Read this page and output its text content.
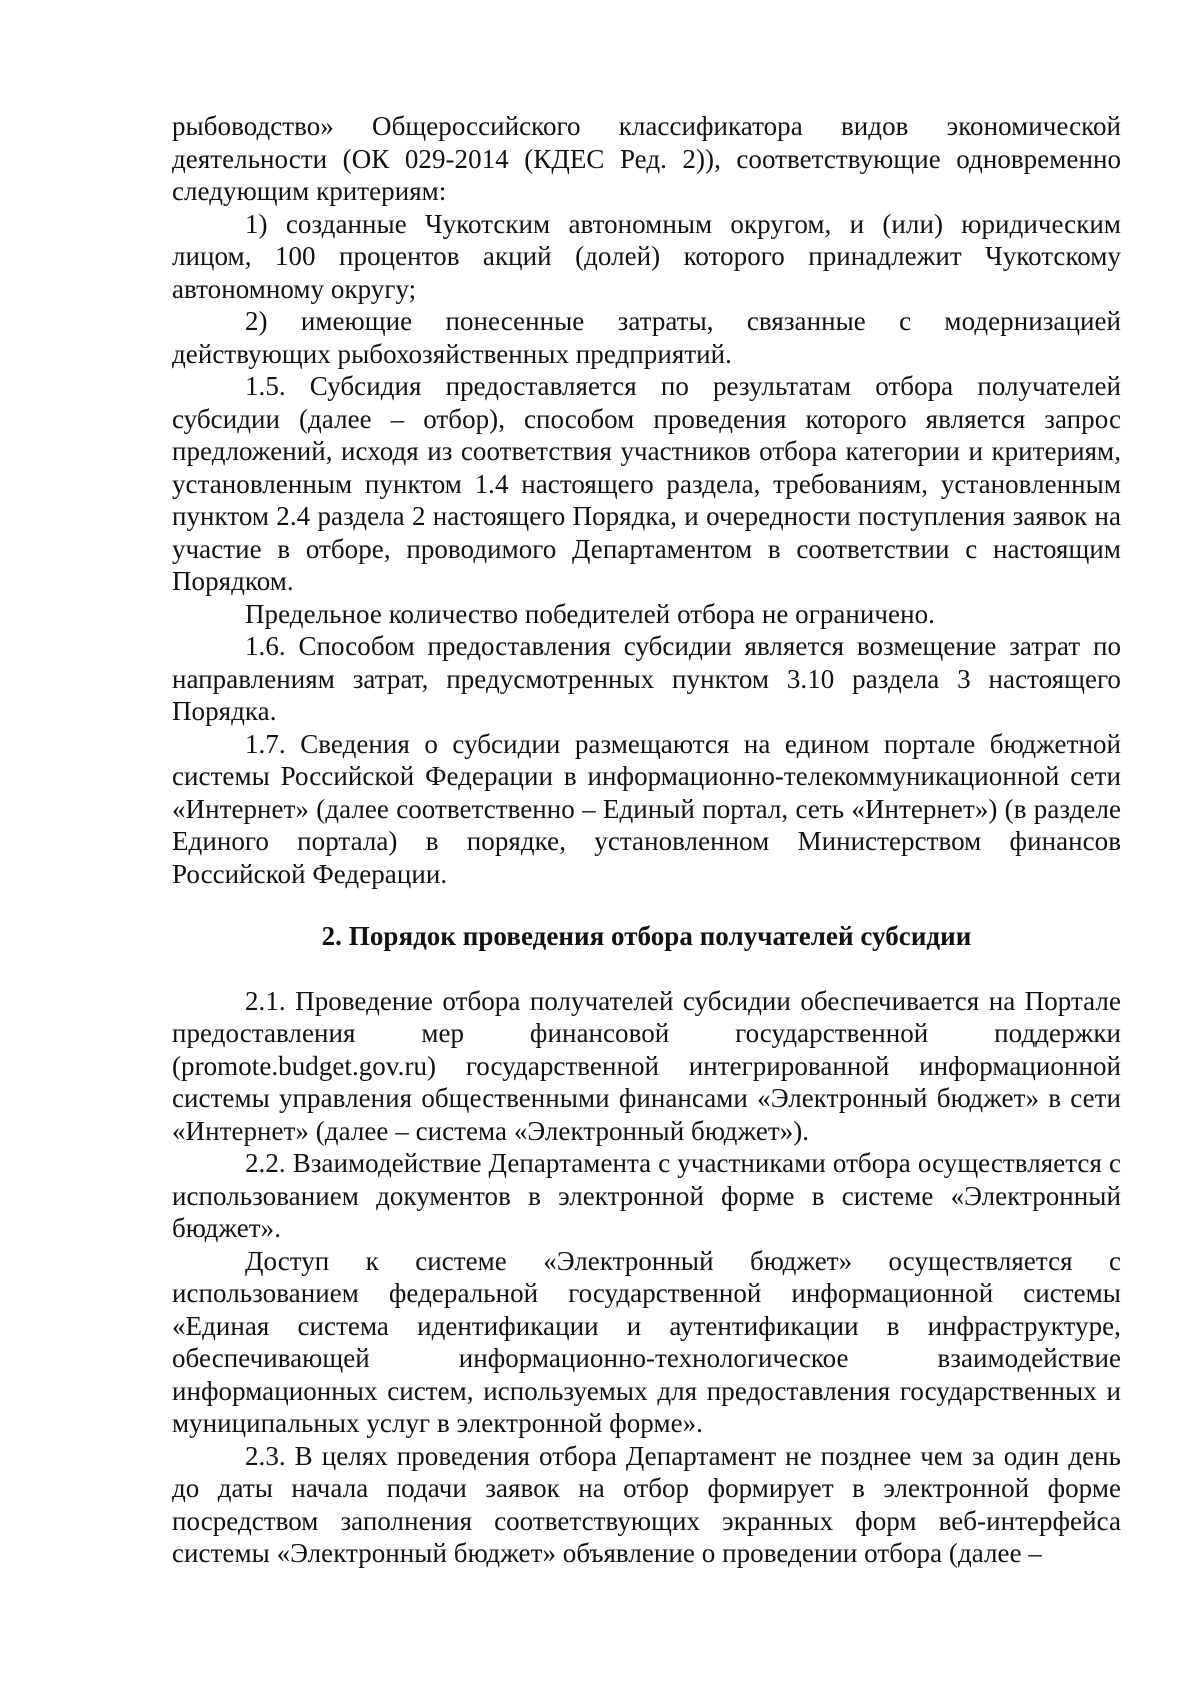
рыбоводство» Общероссийского классификатора видов экономической деятельности (ОК 029-2014 (КДЕС Ред. 2)), соответствующие одновременно следующим критериям:

1) созданные Чукотским автономным округом, и (или) юридическим лицом, 100 процентов акций (долей) которого принадлежит Чукотскому автономному округу;

2) имеющие понесенные затраты, связанные с модернизацией действующих рыбохозяйственных предприятий.

1.5. Субсидия предоставляется по результатам отбора получателей субсидии (далее – отбор), способом проведения которого является запрос предложений, исходя из соответствия участников отбора категории и критериям, установленным пунктом 1.4 настоящего раздела, требованиям, установленным пунктом 2.4 раздела 2 настоящего Порядка, и очередности поступления заявок на участие в отборе, проводимого Департаментом в соответствии с настоящим Порядком.

Предельное количество победителей отбора не ограничено.

1.6. Способом предоставления субсидии является возмещение затрат по направлениям затрат, предусмотренных пунктом 3.10 раздела 3 настоящего Порядка.

1.7. Сведения о субсидии размещаются на едином портале бюджетной системы Российской Федерации в информационно-телекоммуникационной сети «Интернет» (далее соответственно – Единый портал, сеть «Интернет») (в разделе Единого портала) в порядке, установленном Министерством финансов Российской Федерации.

2. Порядок проведения отбора получателей субсидии

2.1. Проведение отбора получателей субсидии обеспечивается на Портале предоставления мер финансовой государственной поддержки (promote.budget.gov.ru) государственной интегрированной информационной системы управления общественными финансами «Электронный бюджет» в сети «Интернет» (далее – система «Электронный бюджет»).

2.2. Взаимодействие Департамента с участниками отбора осуществляется с использованием документов в электронной форме в системе «Электронный бюджет».

Доступ к системе «Электронный бюджет» осуществляется с использованием федеральной государственной информационной системы «Единая система идентификации и аутентификации в инфраструктуре, обеспечивающей информационно-технологическое взаимодействие информационных систем, используемых для предоставления государственных и муниципальных услуг в электронной форме».

2.3. В целях проведения отбора Департамент не позднее чем за один день до даты начала подачи заявок на отбор формирует в электронной форме посредством заполнения соответствующих экранных форм веб-интерфейса системы «Электронный бюджет» объявление о проведении отбора (далее –
